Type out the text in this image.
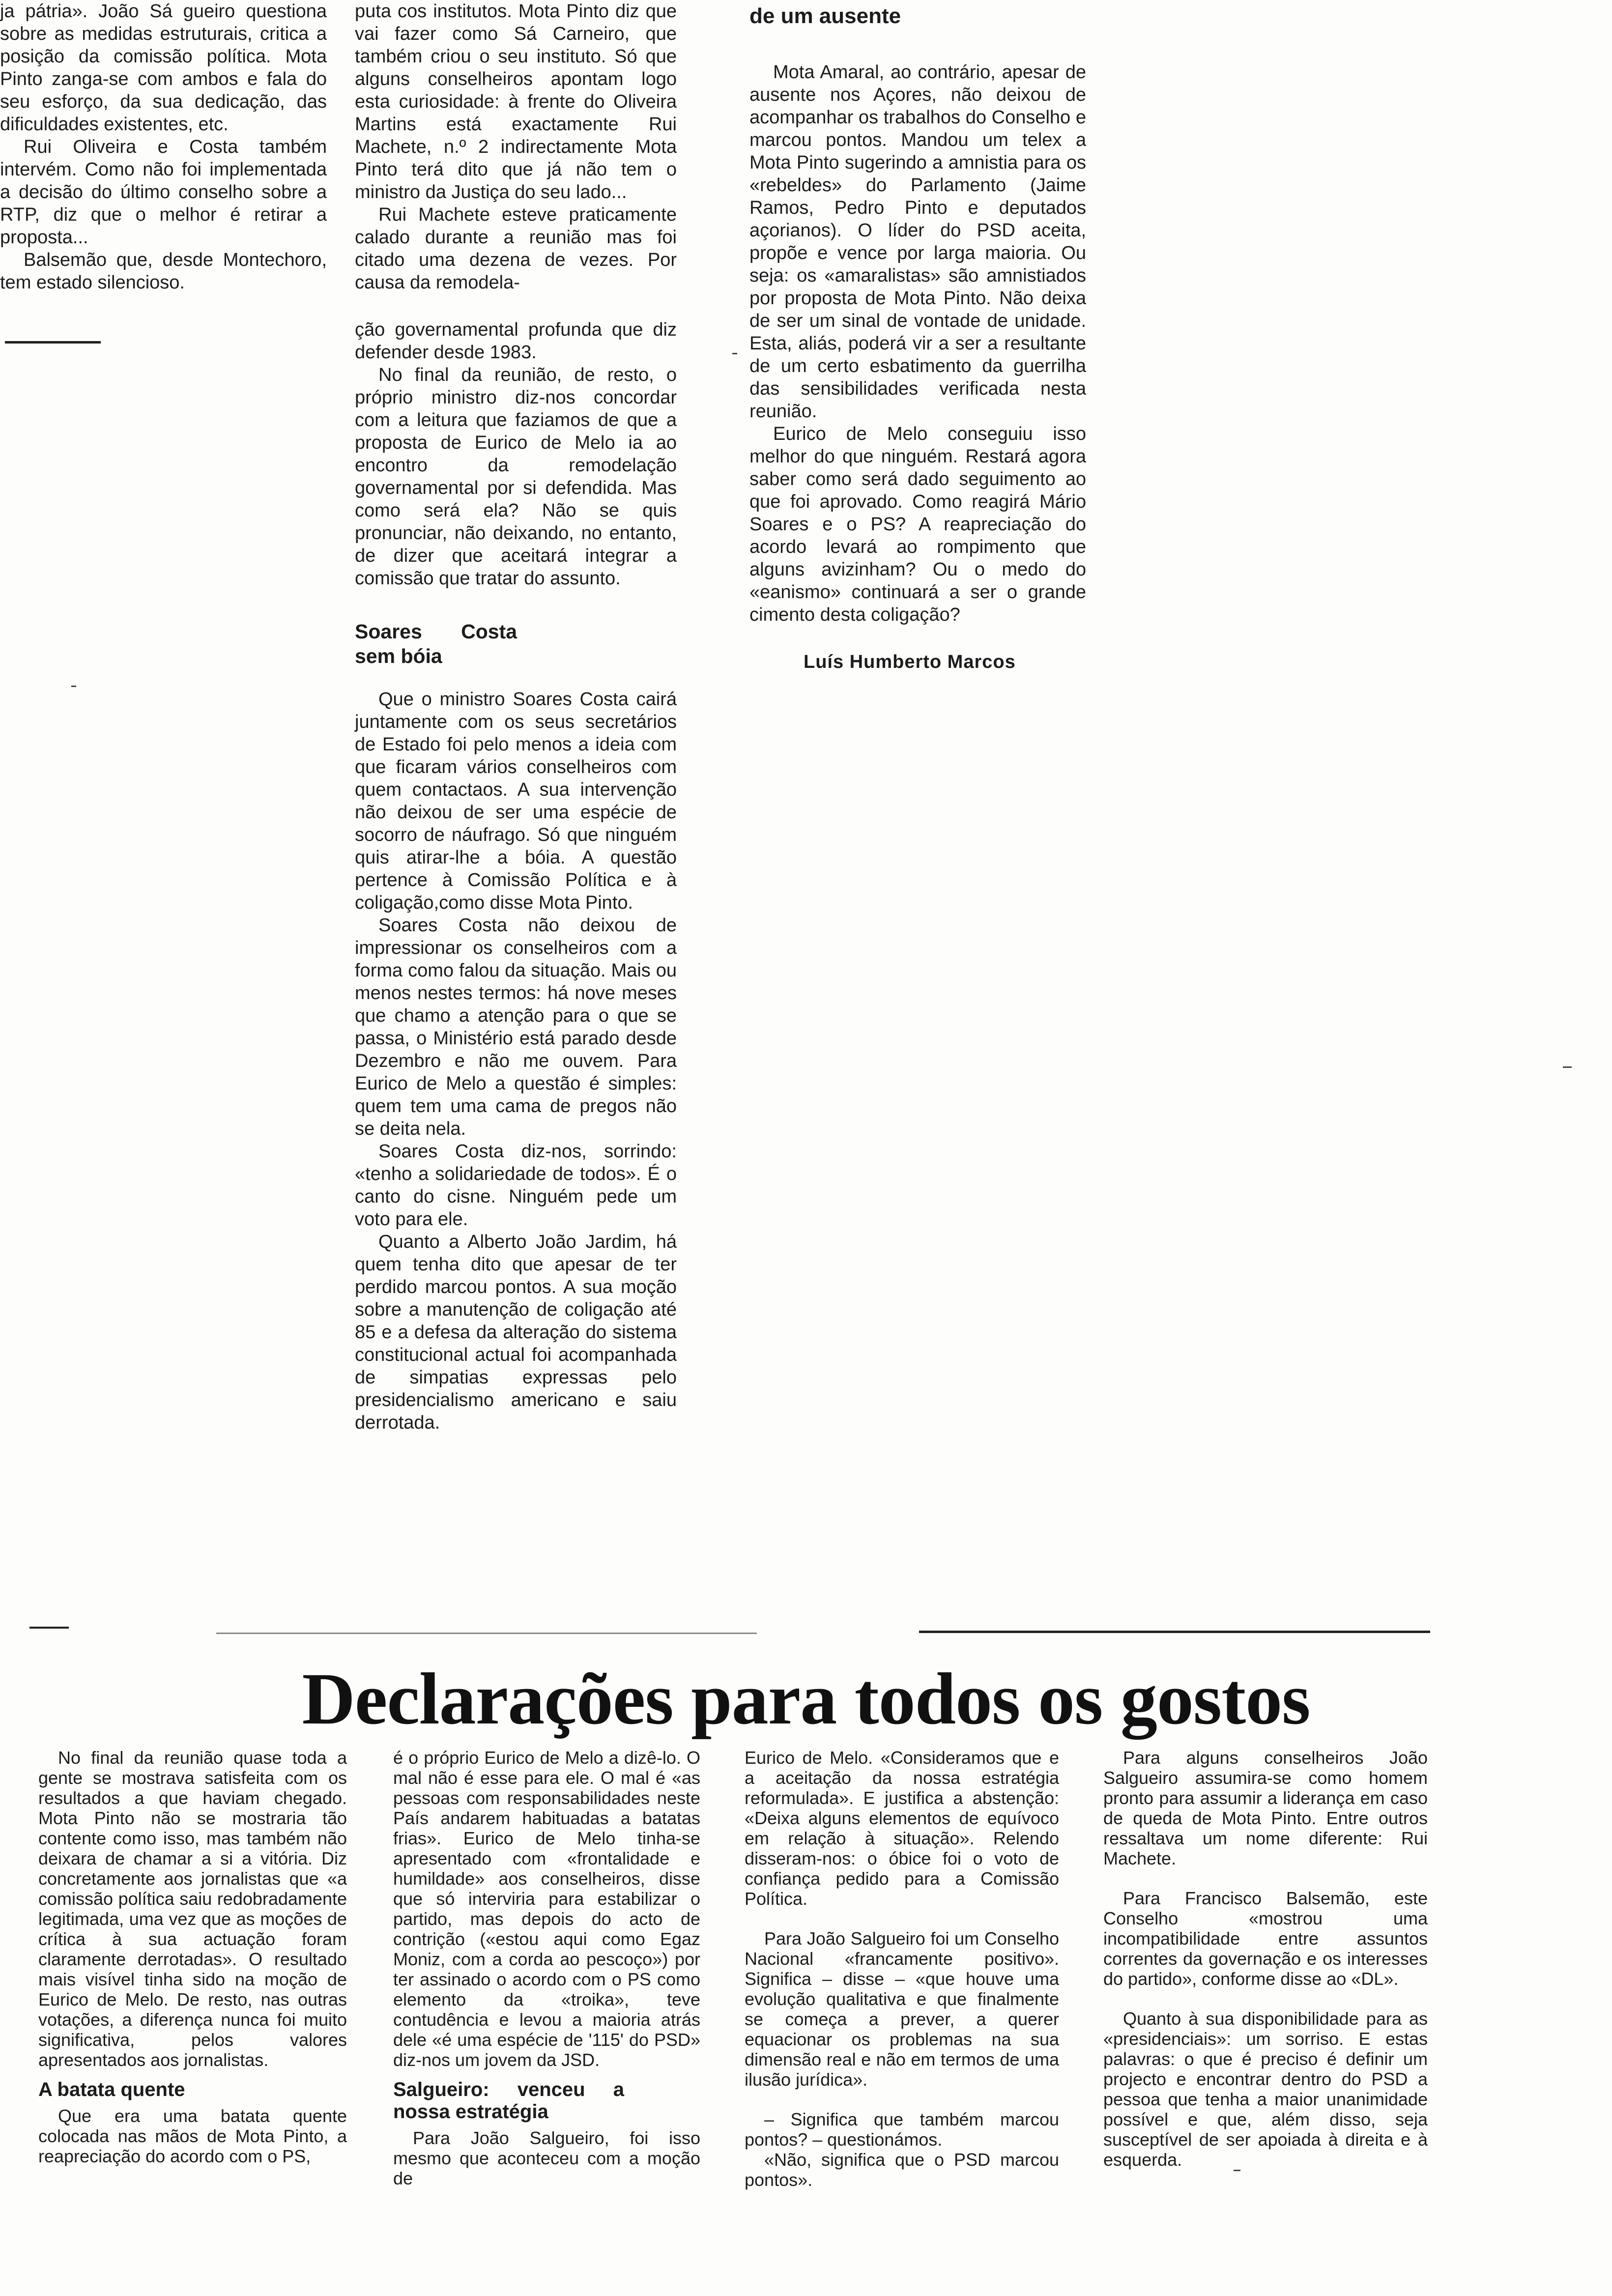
ja pátria». João Sá gueiro questiona sobre as medidas estruturais, critica a posição da comissão política. Mota Pinto zanga-se com ambos e fala do seu esforço, da sua dedicação, das dificuldades existentes, etc.

Rui Oliveira e Costa também intervém. Como não foi implementada a decisão do último conselho sobre a RTP, diz que o melhor é retirar a proposta...

Balsemão que, desde Montechoro, tem estado silencioso.

puta cos institutos. Mota Pinto diz que vai fazer como Sá Carneiro, que também criou o seu instituto. Só que alguns conselheiros apontam logo esta curiosidade: à frente do Oliveira Martins está exactamente Rui Machete, n.º 2 indirectamente Mota Pinto terá dito que já não tem o ministro da Justiça do seu lado...

Rui Machete esteve praticamente calado durante a reunião mas foi citado uma dezena de vezes. Por causa da remodela-

ção governamental profunda que diz defender desde 1983.

No final da reunião, de resto, o próprio ministro diz-nos concordar com a leitura que faziamos de que a proposta de Eurico de Melo ia ao encontro da remodelação governamental por si defendida. Mas como será ela? Não se quis pronunciar, não deixando, no entanto, de dizer que aceitará integrar a comissão que tratar do assunto.

Soares Costa sem bóia

Que o ministro Soares Costa cairá juntamente com os seus secretários de Estado foi pelo menos a ideia com que ficaram vários conselheiros com quem contactaos. A sua intervenção não deixou de ser uma espécie de socorro de náufrago. Só que ninguém quis atirar-lhe a bóia. A questão pertence à Comissão Política e à coligação,como disse Mota Pinto.

Soares Costa não deixou de impressionar os conselheiros com a forma como falou da situação. Mais ou menos nestes termos: há nove meses que chamo a atenção para o que se passa, o Ministério está parado desde Dezembro e não me ouvem. Para Eurico de Melo a questão é simples: quem tem uma cama de pregos não se deita nela.

Soares Costa diz-nos, sorrindo: «tenho a solidariedade de todos». É o canto do cisne. Ninguém pede um voto para ele.

Quanto a Alberto João Jardim, há quem tenha dito que apesar de ter perdido marcou pontos. A sua moção sobre a manutenção de coligação até 85 e a defesa da alteração do sistema constitucional actual foi acompanhada de simpatias expressas pelo presidencialismo americano e saiu derrotada.

de um ausente

Mota Amaral, ao contrário, apesar de ausente nos Açores, não deixou de acompanhar os trabalhos do Conselho e marcou pontos. Mandou um telex a Mota Pinto sugerindo a amnistia para os «rebeldes» do Parlamento (Jaime Ramos, Pedro Pinto e deputados açorianos). O líder do PSD aceita, propõe e vence por larga maioria. Ou seja: os «amaralistas» são amnistiados por proposta de Mota Pinto. Não deixa de ser um sinal de vontade de unidade. Esta, aliás, poderá vir a ser a resultante de um certo esbatimento da guerrilha das sensibilidades verificada nesta reunião.

Eurico de Melo conseguiu isso melhor do que ninguém. Restará agora saber como será dado seguimento ao que foi aprovado. Como reagirá Mário Soares e o PS? A reapreciação do acordo levará ao rompimento que alguns avizinham? Ou o medo do «eanismo» continuará a ser o grande cimento desta coligação?

Luís Humberto Marcos
Declarações para todos os gostos

No final da reunião quase toda a gente se mostrava satisfeita com os resultados a que haviam chegado. Mota Pinto não se mostraria tão contente como isso, mas também não deixara de chamar a si a vitória. Diz concretamente aos jornalistas que «a comissão política saiu redobradamente legitimada, uma vez que as moções de crítica à sua actuação foram claramente derrotadas». O resultado mais visível tinha sido na moção de Eurico de Melo. De resto, nas outras votações, a diferença nunca foi muito significativa, pelos valores apresentados aos jornalistas.

A batata quente

Que era uma batata quente colocada nas mãos de Mota Pinto, a reapreciação do acordo com o PS,

é o próprio Eurico de Melo a dizê-lo. O mal não é esse para ele. O mal é «as pessoas com responsabilidades neste País andarem habituadas a batatas frias». Eurico de Melo tinha-se apresentado com «frontalidade e humildade» aos conselheiros, disse que só interviria para estabilizar o partido, mas depois do acto de contrição («estou aqui como Egaz Moniz, com a corda ao pescoço») por ter assinado o acordo com o PS como elemento da «troika», teve contudência e levou a maioria atrás dele «é uma espécie de '115' do PSD» diz-nos um jovem da JSD.

Salgueiro: venceu a nossa estratégia

Para João Salgueiro, foi isso mesmo que aconteceu com a moção de

Eurico de Melo. «Consideramos que e a aceitação da nossa estratégia reformulada». E justifica a abstenção: «Deixa alguns elementos de equívoco em relação à situação». Relendo disseram-nos: o óbice foi o voto de confiança pedido para a Comissão Política.

Para João Salgueiro foi um Conselho Nacional «francamente positivo». Significa – disse – «que houve uma evolução qualitativa e que finalmente se começa a prever, a querer equacionar os problemas na sua dimensão real e não em termos de uma ilusão jurídica».

– Significa que também marcou pontos? – questionámos.

«Não, significa que o PSD marcou pontos».

Para alguns conselheiros João Salgueiro assumira-se como homem pronto para assumir a liderança em caso de queda de Mota Pinto. Entre outros ressaltava um nome diferente: Rui Machete.

Para Francisco Balsemão, este Conselho «mostrou uma incompatibilidade entre assuntos correntes da governação e os interesses do partido», conforme disse ao «DL».

Quanto à sua disponibilidade para as «presidenciais»: um sorriso. E estas palavras: o que é preciso é definir um projecto e encontrar dentro do PSD a pessoa que tenha a maior unanimidade possível e que, além disso, seja susceptível de ser apoiada à direita e à esquerda.
